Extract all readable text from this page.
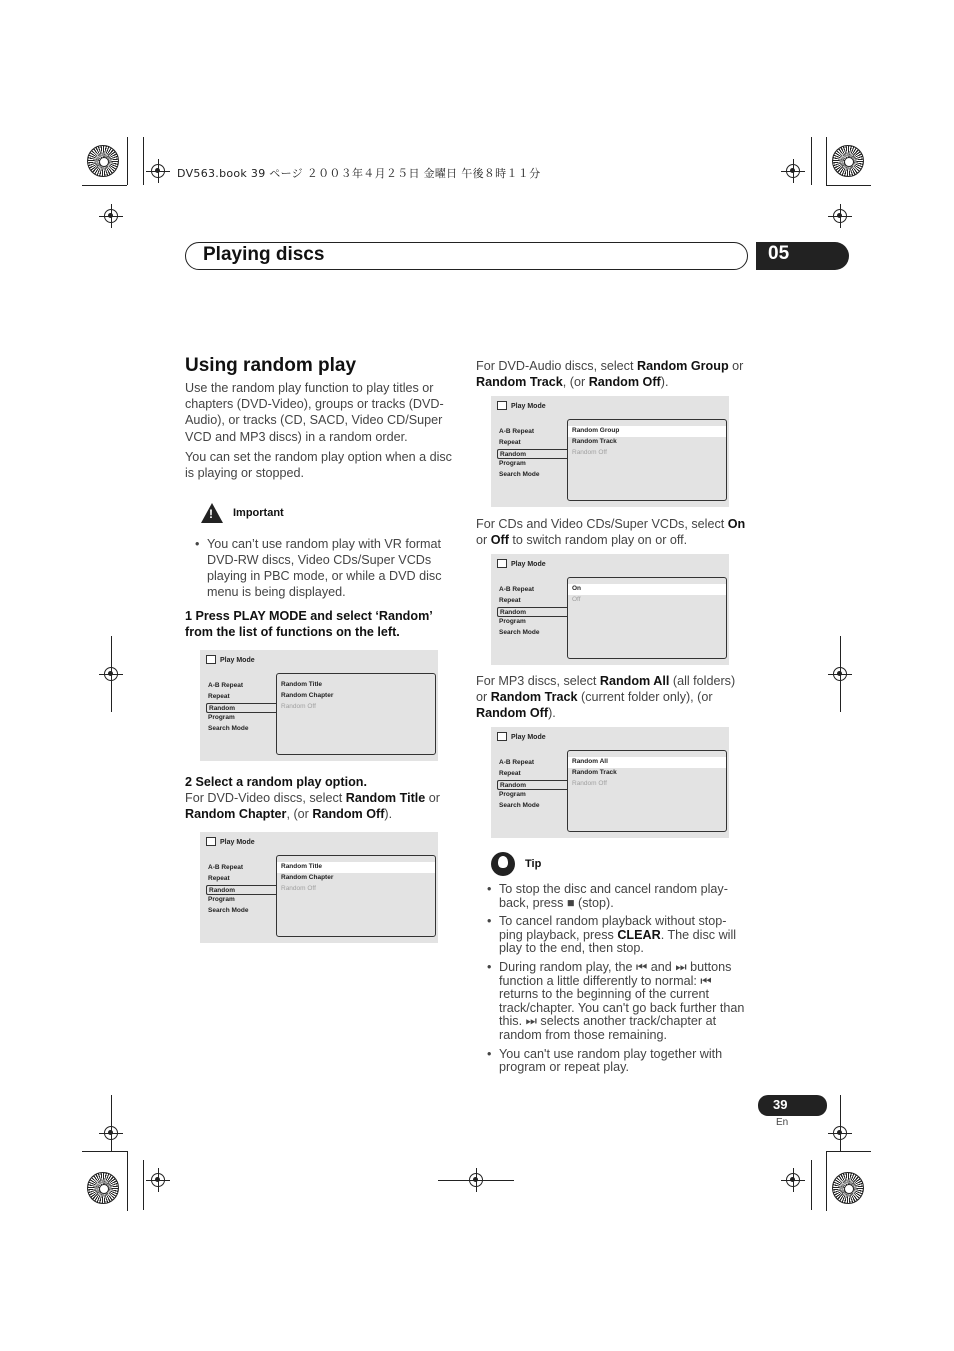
DV563.book 39 ページ ２００３年４月２５日 金曜日 午後８時１１分
Playing discs	05
Using random play

Use the random play function to play titles or chapters (DVD-Video), groups or tracks (DVD-Audio), or tracks (CD, SACD, Video CD/Super VCD and MP3 discs) in a random order.

You can set the random play option when a disc is playing or stopped.

!
Important
• You can’t use random play with VR format DVD-RW discs, Video CDs/Super VCDs playing in PBC mode, or while a DVD disc menu is being displayed.

1 Press PLAY MODE and select ‘Random’ from the list of functions on the left.

Play Mode
A-B Repeat
Repeat
Random
Program
Search Mode
Random Title
Random Chapter
Random Off

2 Select a random play option.

For DVD-Video discs, select Random Title or Random Chapter, (or Random Off).

Play Mode
A-B Repeat
Repeat
Random
Program
Search Mode
Random Title
Random Chapter
Random Off

For DVD-Audio discs, select Random Group or Random Track, (or Random Off).

Play Mode
A-B Repeat
Repeat
Random
Program
Search Mode
Random Group
Random Track
Random Off

For CDs and Video CDs/Super VCDs, select On or Off to switch random play on or off.

Play Mode
A-B Repeat
Repeat
Random
Program
Search Mode
On
Off

For MP3 discs, select Random All (all folders) or Random Track (current folder only), (or Random Off).

Play Mode
A-B Repeat
Repeat
Random
Program
Search Mode
Random All
Random Track
Random Off
Tip
• To stop the disc and cancel random play-back, press ■ (stop).
• To cancel random playback without stop-ping playback, press CLEAR. The disc will play to the end, then stop.
• During random play, the ⏮ and ⏭ buttons function a little differently to normal: ⏮ returns to the beginning of the current track/chapter. You can't go back further than this. ⏭ selects another track/chapter at random from those remaining.
• You can't use random play together with program or repeat play.
39
En
